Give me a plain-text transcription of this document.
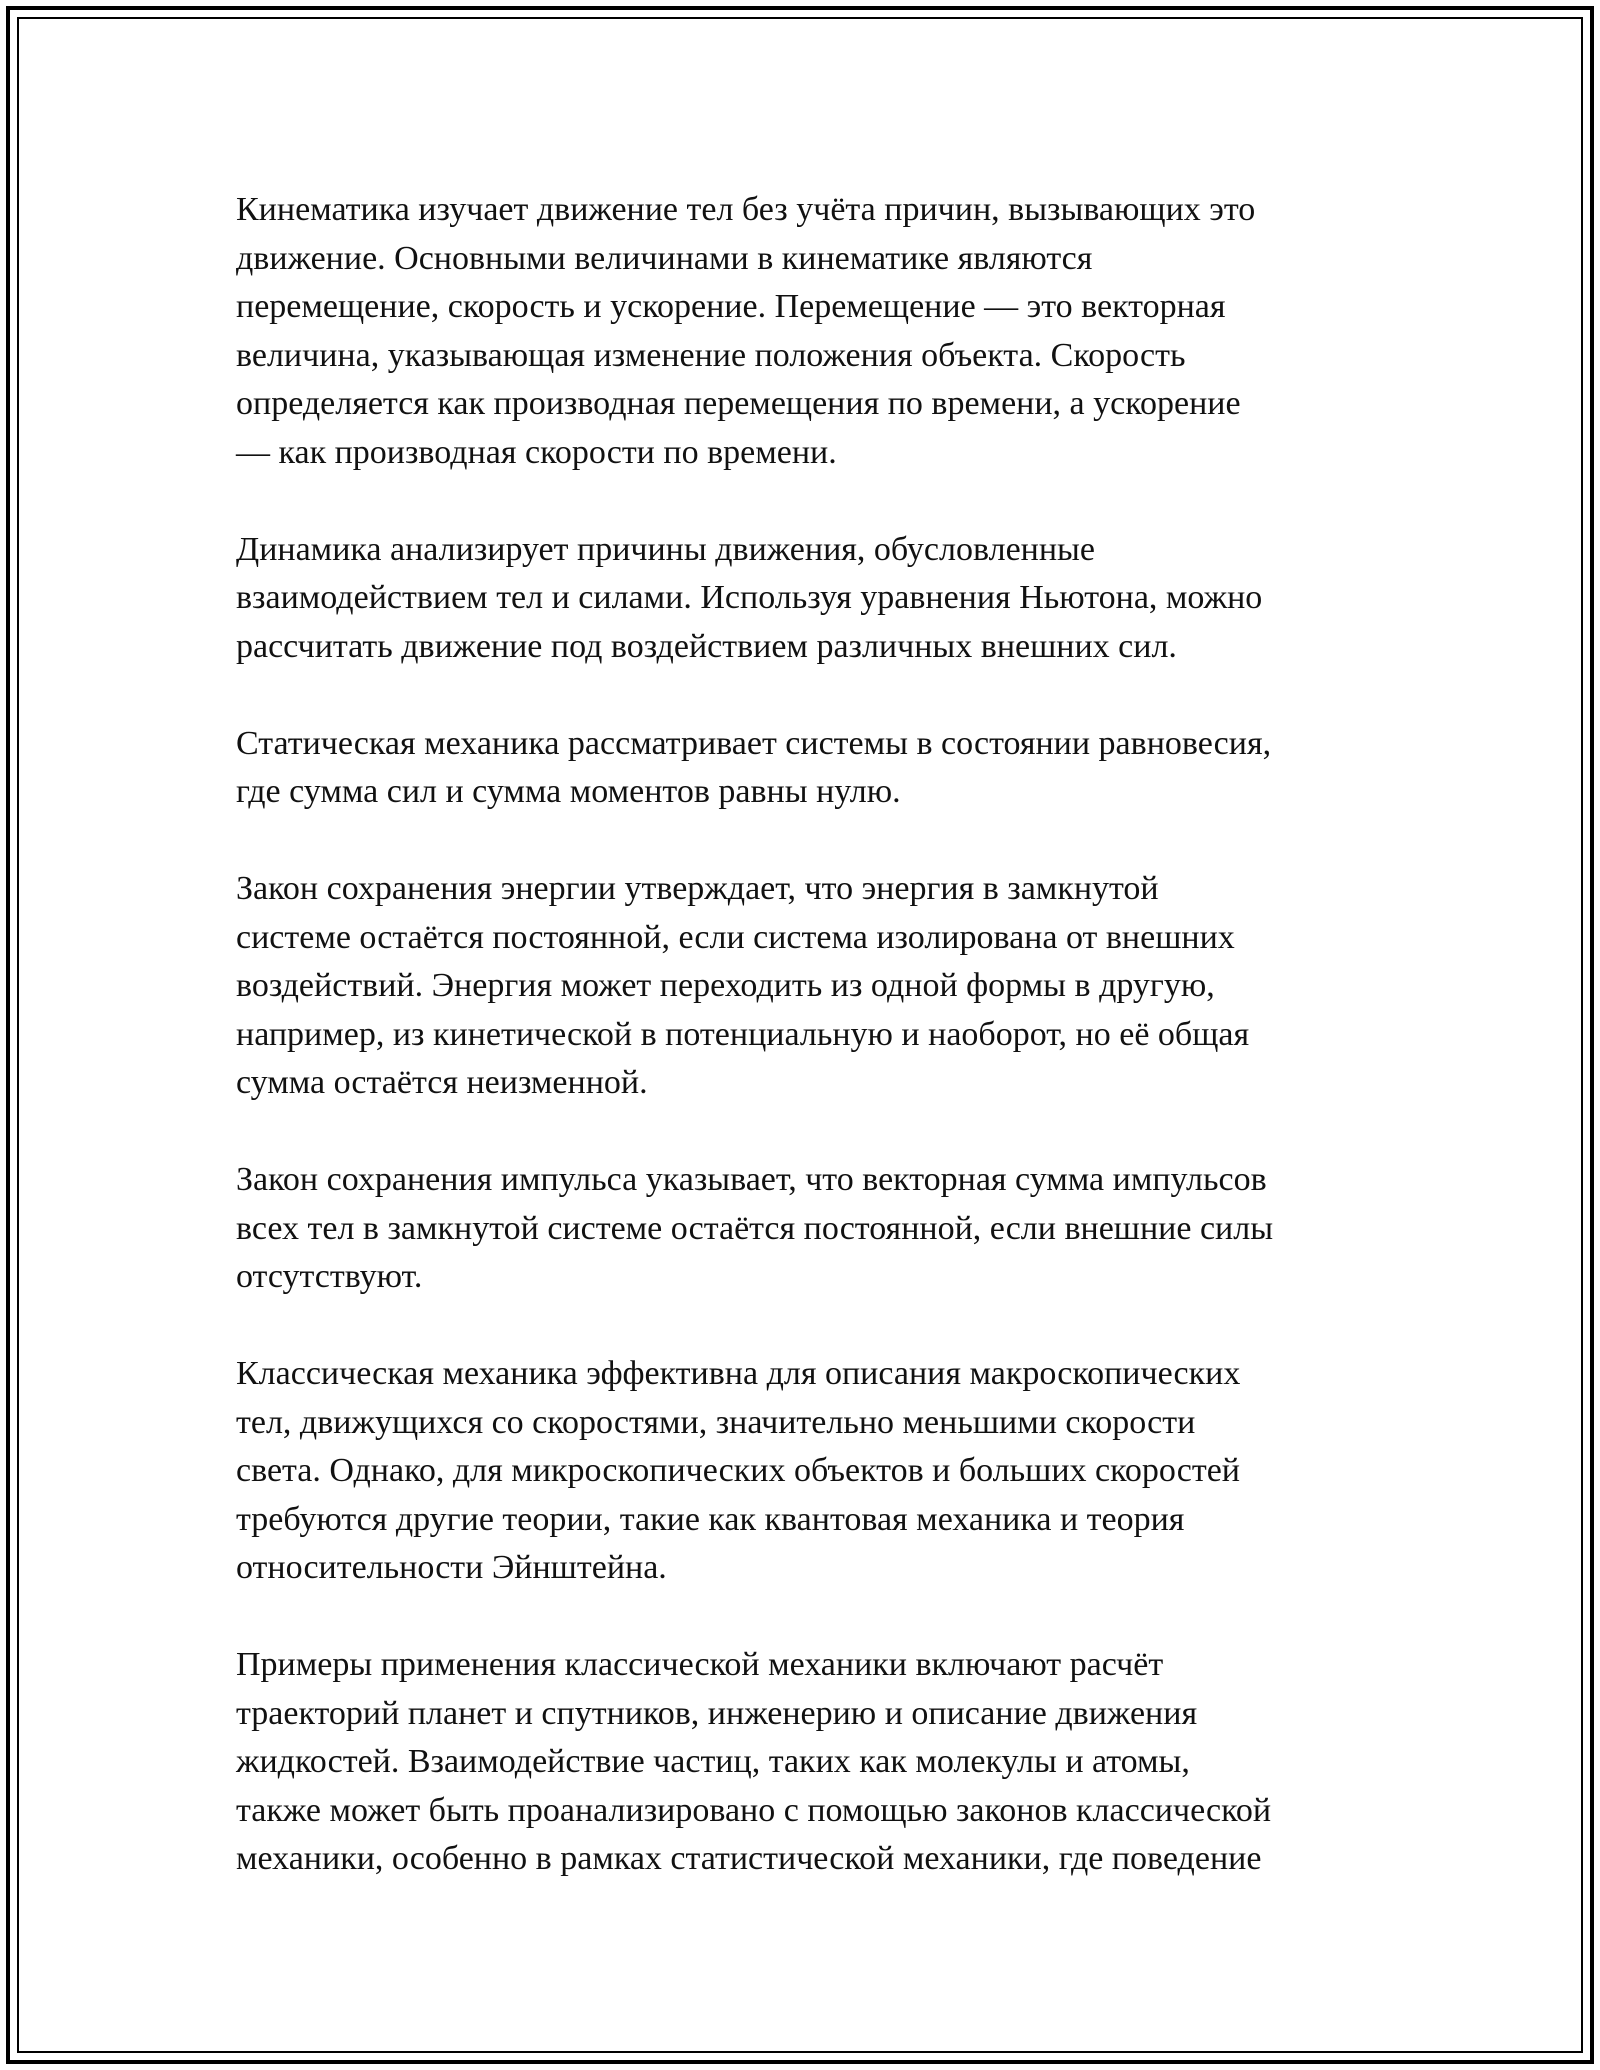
Кинематика изучает движение тел без учёта причин, вызывающих это
движение. Основными величинами в кинематике являются
перемещение, скорость и ускорение. Перемещение — это векторная
величина, указывающая изменение положения объекта. Скорость
определяется как производная перемещения по времени, а ускорение
— как производная скорости по времени.

Динамика анализирует причины движения, обусловленные
взаимодействием тел и силами. Используя уравнения Ньютона, можно
рассчитать движение под воздействием различных внешних сил.

Статическая механика рассматривает системы в состоянии равновесия,
где сумма сил и сумма моментов равны нулю.

Закон сохранения энергии утверждает, что энергия в замкнутой
системе остаётся постоянной, если система изолирована от внешних
воздействий. Энергия может переходить из одной формы в другую,
например, из кинетической в потенциальную и наоборот, но её общая
сумма остаётся неизменной.

Закон сохранения импульса указывает, что векторная сумма импульсов
всех тел в замкнутой системе остаётся постоянной, если внешние силы
отсутствуют.

Классическая механика эффективна для описания макроскопических
тел, движущихся со скоростями, значительно меньшими скорости
света. Однако, для микроскопических объектов и больших скоростей
требуются другие теории, такие как квантовая механика и теория
относительности Эйнштейна.

Примеры применения классической механики включают расчёт
траекторий планет и спутников, инженерию и описание движения
жидкостей. Взаимодействие частиц, таких как молекулы и атомы,
также может быть проанализировано с помощью законов классической
механики, особенно в рамках статистической механики, где поведение
